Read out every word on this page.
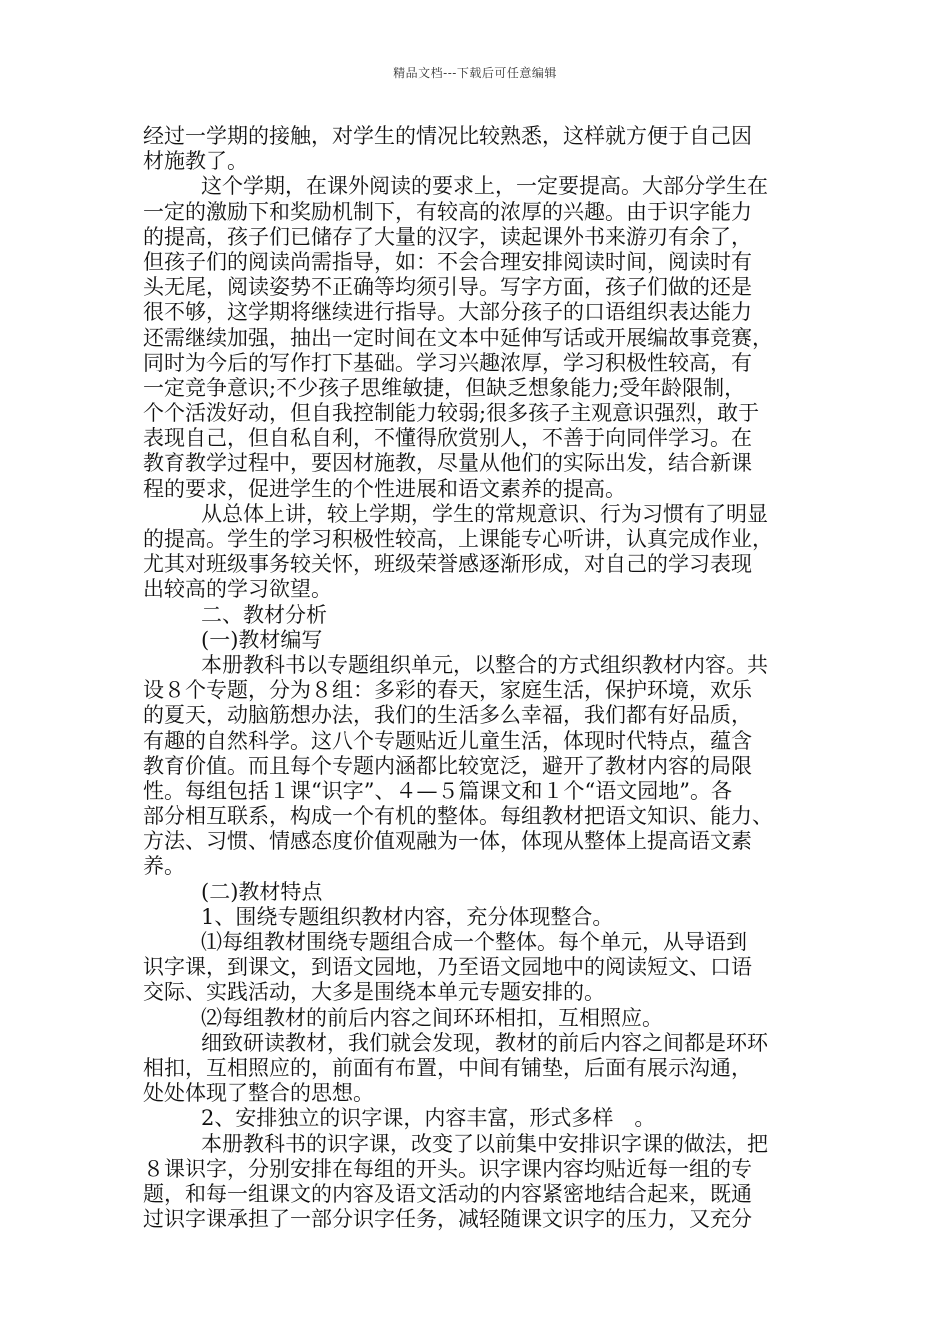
精品文档---下载后可任意编辑
经过一学期的接触，对学生的情况比较熟悉，这样就方便于自己因
材施教了。
这个学期，在课外阅读的要求上，一定要提高。大部分学生在
一定的激励下和奖励机制下，有较高的浓厚的兴趣。由于识字能力
的提高，孩子们已储存了大量的汉字，读起课外书来游刃有余了，
但孩子们的阅读尚需指导，如：不会合理安排阅读时间，阅读时有
头无尾，阅读姿势不正确等均须引导。写字方面，孩子们做的还是
很不够，这学期将继续进行指导。大部分孩子的口语组织表达能力
还需继续加强，抽出一定时间在文本中延伸写话或开展编故事竞赛，
同时为今后的写作打下基础。学习兴趣浓厚，学习积极性较高，有
一定竞争意识;不少孩子思维敏捷，但缺乏想象能力;受年龄限制，
个个活泼好动，但自我控制能力较弱;很多孩子主观意识强烈，敢于
表现自己，但自私自利，不懂得欣赏别人，不善于向同伴学习。在
教育教学过程中，要因材施教，尽量从他们的实际出发，结合新课
程的要求，促进学生的个性进展和语文素养的提高。
从总体上讲，较上学期，学生的常规意识、行为习惯有了明显
的提高。学生的学习积极性较高，上课能专心听讲，认真完成作业，
尤其对班级事务较关怀，班级荣誉感逐渐形成，对自己的学习表现
出较高的学习欲望。
二、教材分析
(一)教材编写
本册教科书以专题组织单元，以整合的方式组织教材内容。共
设８个专题，分为８组：多彩的春天，家庭生活，保护环境，欢乐
的夏天，动脑筋想办法，我们的生活多么幸福，我们都有好品质，
有趣的自然科学。这八个专题贴近儿童生活，体现时代特点，蕴含
教育价值。而且每个专题内涵都比较宽泛，避开了教材内容的局限
性。每组包括１课“识字”、４—５篇课文和１个“语文园地”。各
部分相互联系，构成一个有机的整体。每组教材把语文知识、能力、
方法、习惯、情感态度价值观融为一体，体现从整体上提高语文素
养。
(二)教材特点
1、围绕专题组织教材内容，充分体现整合。
⑴每组教材围绕专题组合成一个整体。每个单元，从导语到
识字课，到课文，到语文园地，乃至语文园地中的阅读短文、口语
交际、实践活动，大多是围绕本单元专题安排的。
⑵每组教材的前后内容之间环环相扣，互相照应。
细致研读教材，我们就会发现，教材的前后内容之间都是环环
相扣，互相照应的，前面有布置，中间有铺垫，后面有展示沟通，
处处体现了整合的思想。
2、安排独立的识字课，内容丰富，形式多样　。
本册教科书的识字课，改变了以前集中安排识字课的做法，把
８课识字，分别安排在每组的开头。识字课内容均贴近每一组的专
题，和每一组课文的内容及语文活动的内容紧密地结合起来，既通
过识字课承担了一部分识字任务，减轻随课文识字的压力，又充分
